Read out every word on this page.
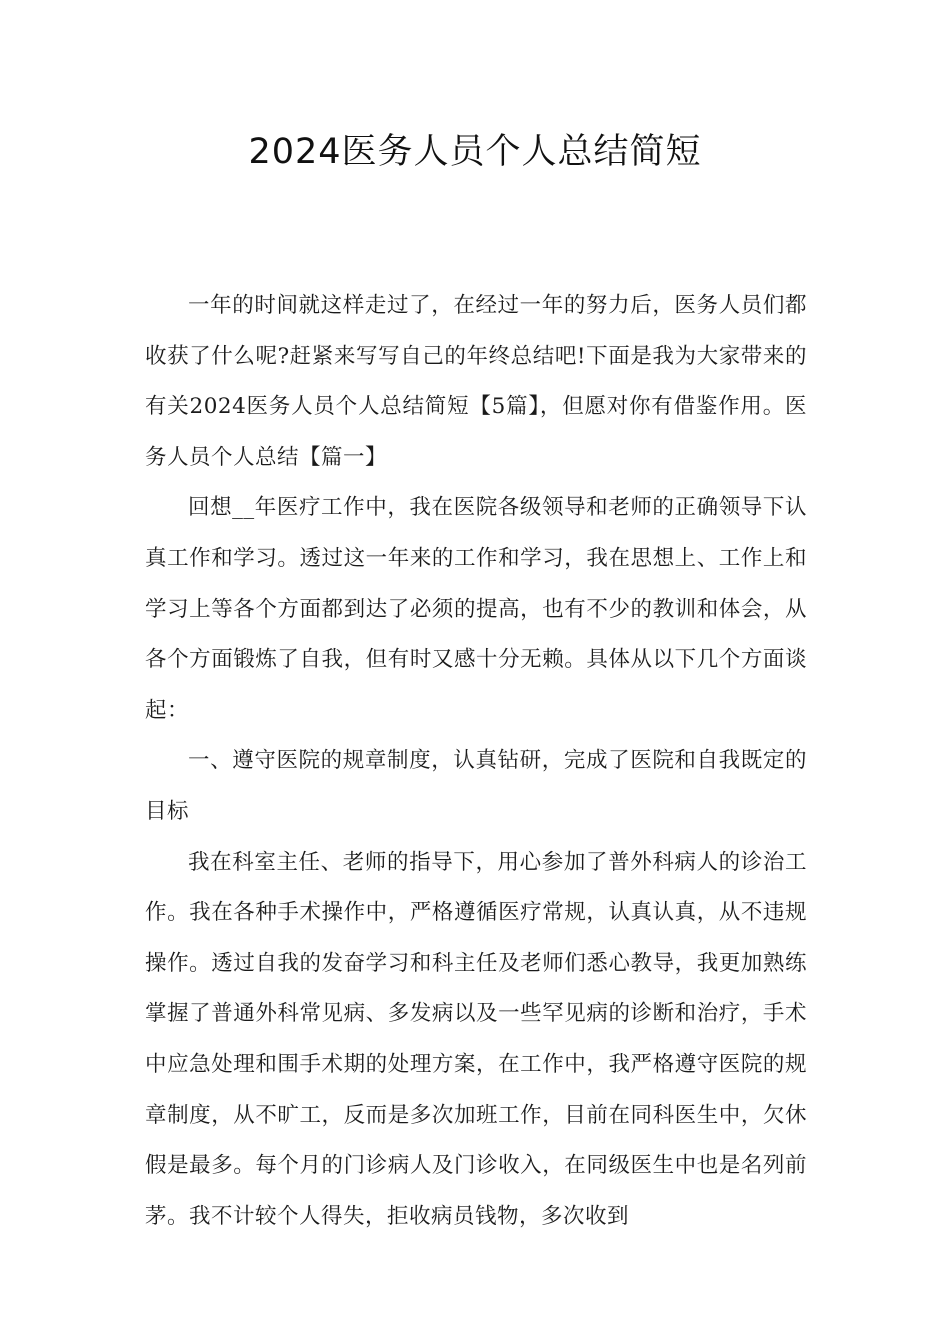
2024医务人员个人总结简短

一年的时间就这样走过了，在经过一年的努力后，医务人员们都收获了什么呢?赶紧来写写自己的年终总结吧!下面是我为大家带来的有关2024医务人员个人总结简短【5篇】，但愿对你有借鉴作用。医务人员个人总结【篇一】

回想__年医疗工作中，我在医院各级领导和老师的正确领导下认真工作和学习。透过这一年来的工作和学习，我在思想上、工作上和学习上等各个方面都到达了必须的提高，也有不少的教训和体会，从各个方面锻炼了自我，但有时又感十分无赖。具体从以下几个方面谈起：

一、遵守医院的规章制度，认真钻研，完成了医院和自我既定的目标

我在科室主任、老师的指导下，用心参加了普外科病人的诊治工作。我在各种手术操作中，严格遵循医疗常规，认真认真，从不违规操作。透过自我的发奋学习和科主任及老师们悉心教导，我更加熟练掌握了普通外科常见病、多发病以及一些罕见病的诊断和治疗，手术中应急处理和围手术期的处理方案，在工作中，我严格遵守医院的规章制度，从不旷工，反而是多次加班工作，目前在同科医生中，欠休假是最多。每个月的门诊病人及门诊收入，在同级医生中也是名列前茅。我不计较个人得失，拒收病员钱物，多次收到
